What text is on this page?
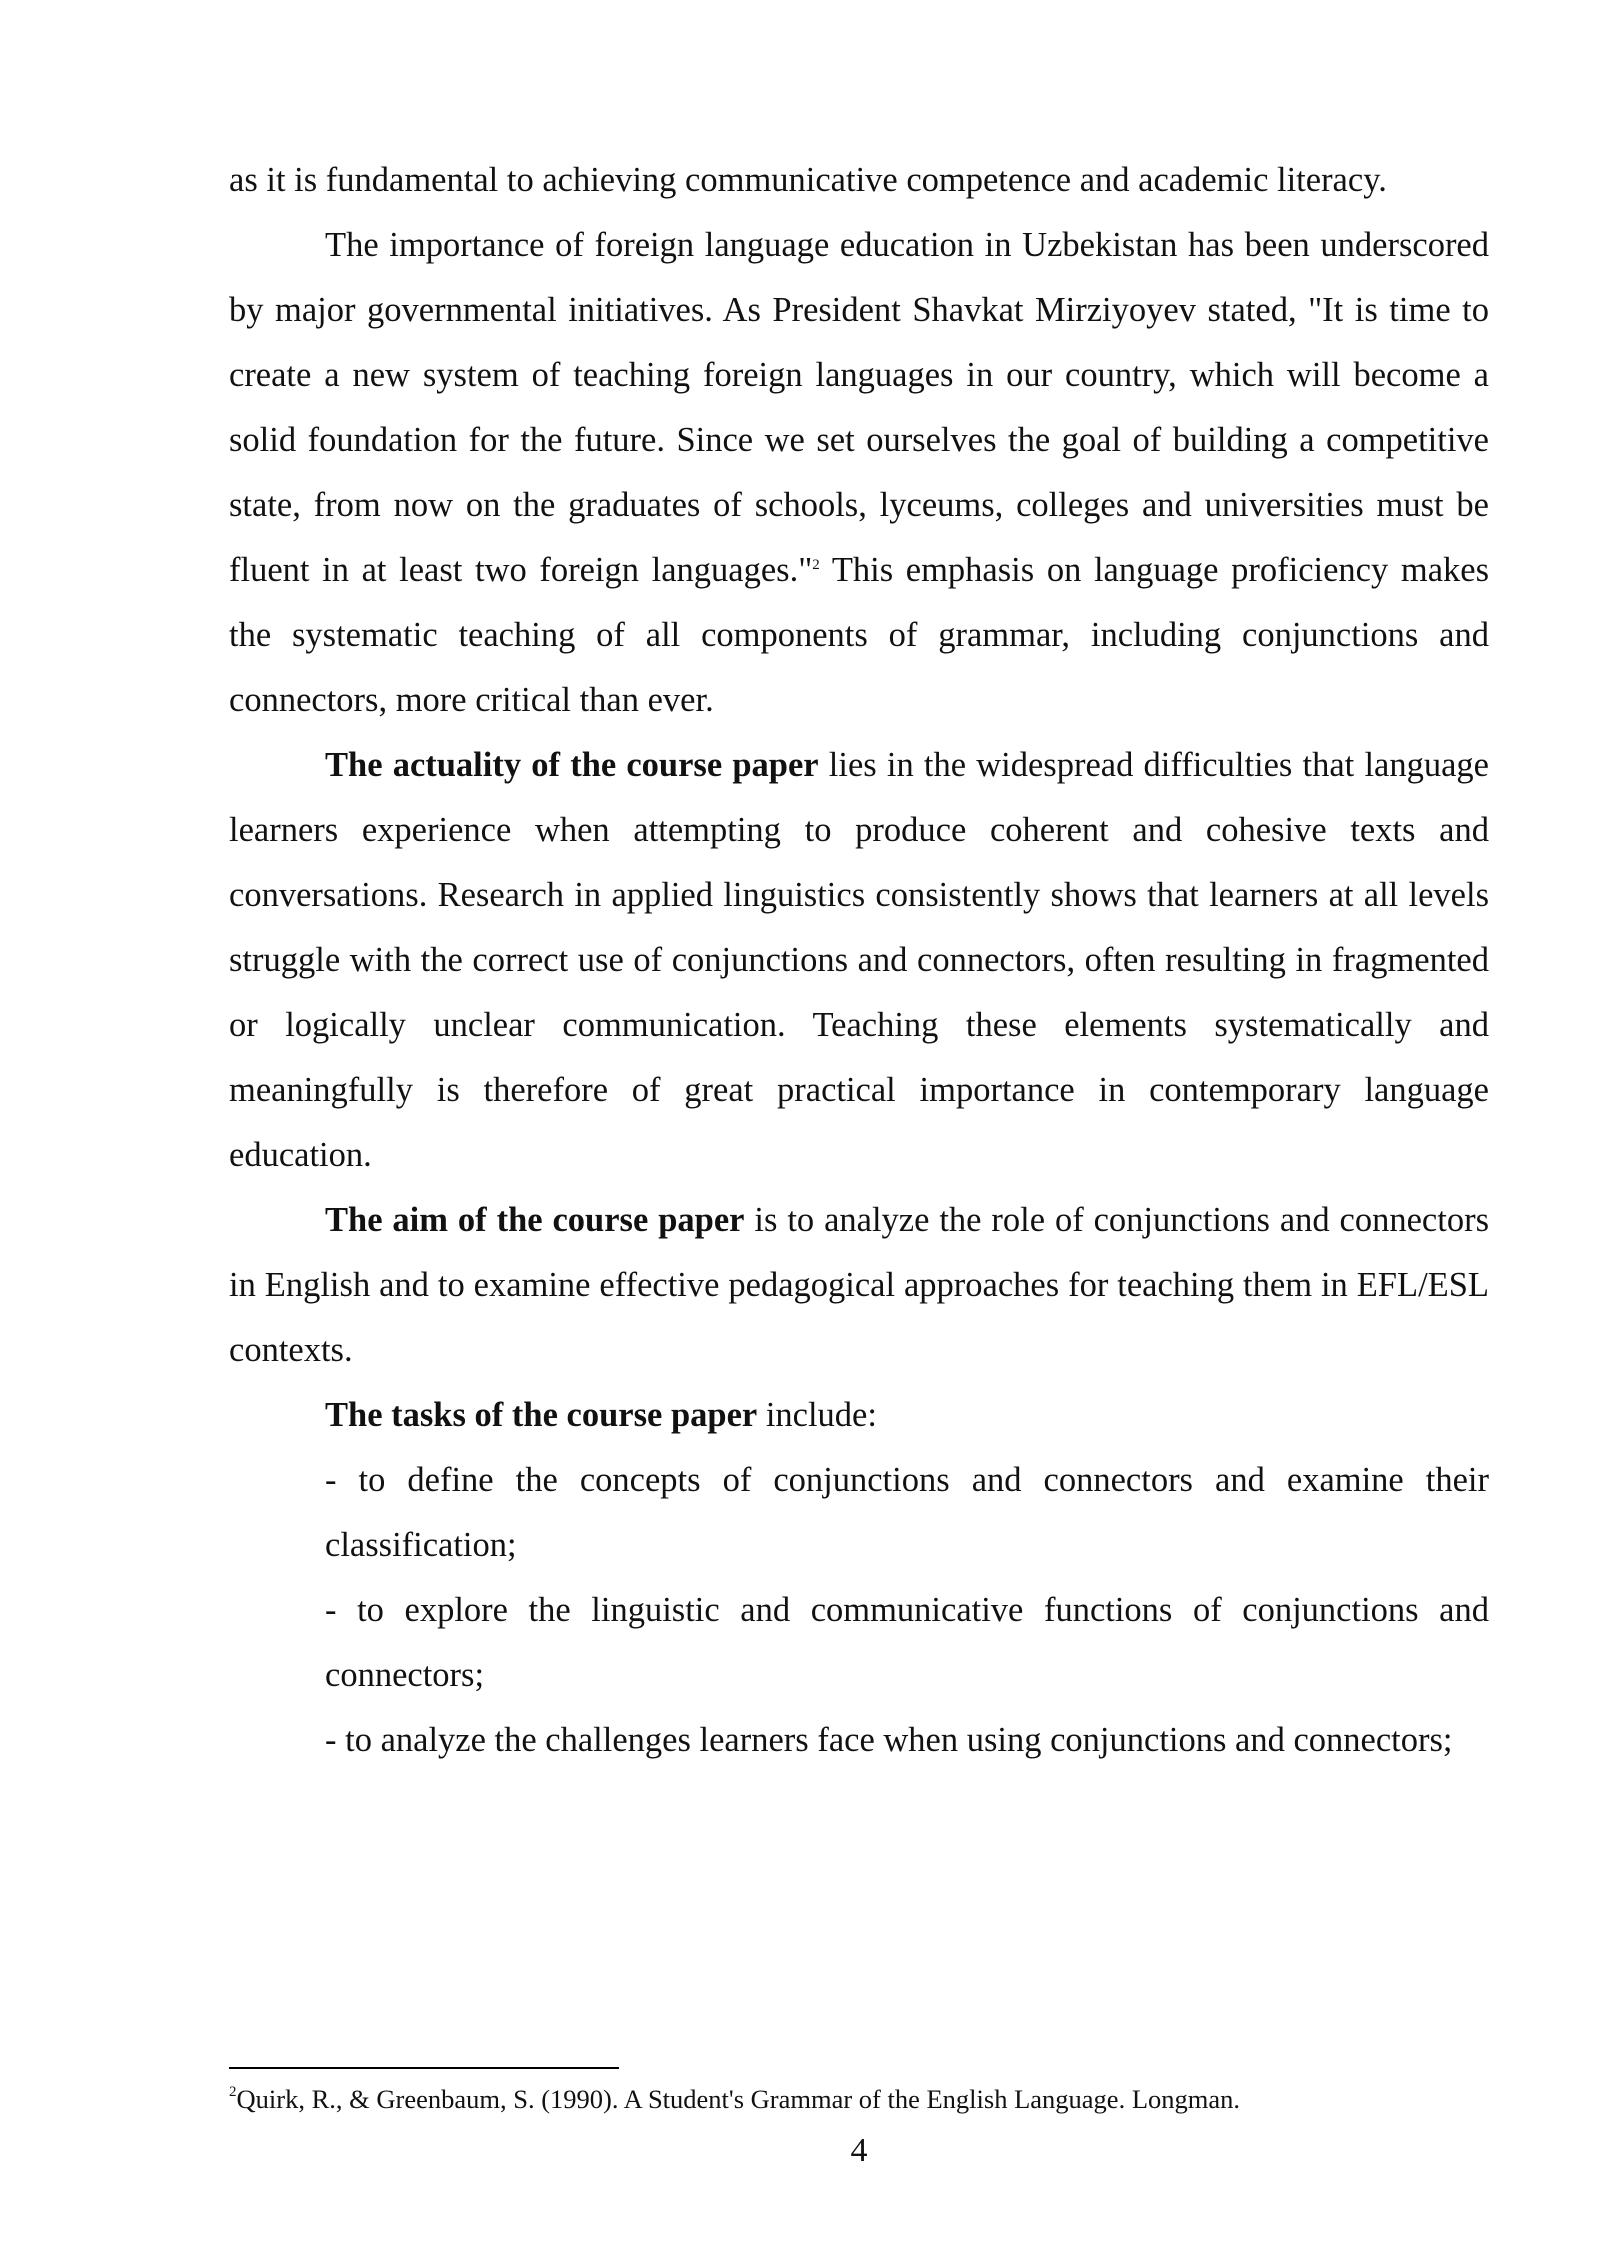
as it is fundamental to achieving communicative competence and academic literacy.

The importance of foreign language education in Uzbekistan has been underscored by major governmental initiatives. As President Shavkat Mirziyoyev stated, "It is time to create a new system of teaching foreign languages in our country, which will become a solid foundation for the future. Since we set ourselves the goal of building a competitive state, from now on the graduates of schools, lyceums, colleges and universities must be fluent in at least two foreign languages."$^2$ This emphasis on language proficiency makes the systematic teaching of all components of grammar, including conjunctions and connectors, more critical than ever.

The actuality of the course paper lies in the widespread difficulties that language learners experience when attempting to produce coherent and cohesive texts and conversations. Research in applied linguistics consistently shows that learners at all levels struggle with the correct use of conjunctions and connectors, often resulting in fragmented or logically unclear communication. Teaching these elements systematically and meaningfully is therefore of great practical importance in contemporary language education.

The aim of the course paper is to analyze the role of conjunctions and connectors in English and to examine effective pedagogical approaches for teaching them in EFL/ESL contexts.

The tasks of the course paper include:

- to define the concepts of conjunctions and connectors and examine their classification;

- to explore the linguistic and communicative functions of conjunctions and connectors;

- to analyze the challenges learners face when using conjunctions and connectors;

$^2$Quirk, R., & Greenbaum, S. (1990). A Student's Grammar of the English Language. Longman.
4
